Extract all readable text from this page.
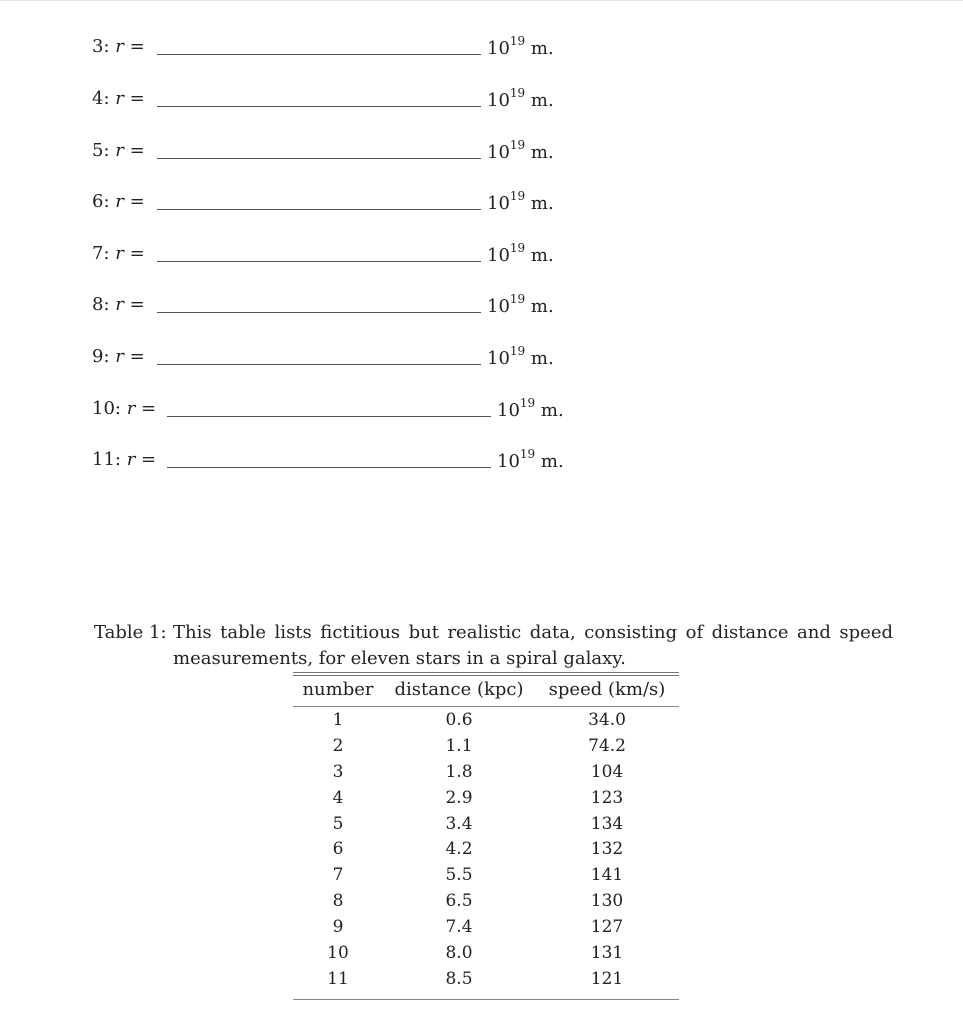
3: r =	$10^{19}$ m.
4: r =	$10^{19}$ m.
5: r =	$10^{19}$ m.
6: r =	$10^{19}$ m.
7: r =	$10^{19}$ m.
8: r =	$10^{19}$ m.
9: r =	$10^{19}$ m.
10: r =	$10^{19}$ m.
11: r =	$10^{19}$ m.
Table 1: This table lists fictitious but realistic data, consisting of distance and speed measurements, for eleven stars in a spiral galaxy.
number	distance (kpc)	speed (km/s)
1	0.6	34.0
2	1.1	74.2
3	1.8	104
4	2.9	123
5	3.4	134
6	4.2	132
7	5.5	141
8	6.5	130
9	7.4	127
10	8.0	131
11	8.5	121
